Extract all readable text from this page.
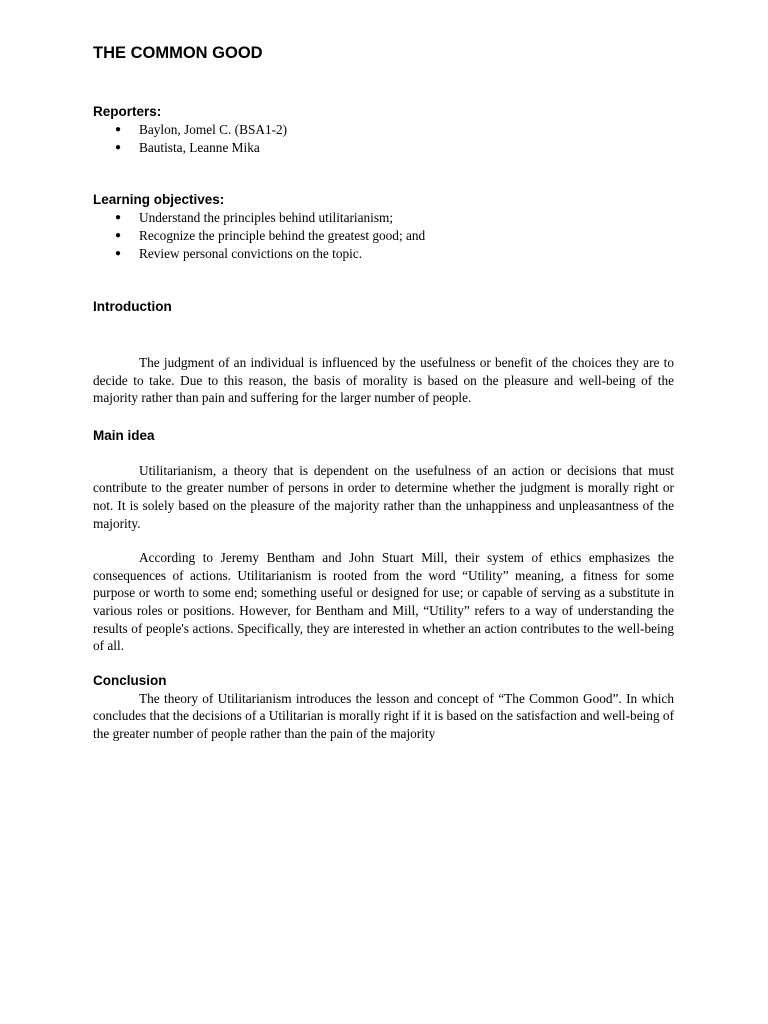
THE COMMON GOOD

Reporters:

● Baylon, Jomel C. (BSA1-2)
● Bautista, Leanne Mika

Learning objectives:

● Understand the principles behind utilitarianism;
● Recognize the principle behind the greatest good; and
● Review personal convictions on the topic.

Introduction

The judgment of an individual is influenced by the usefulness or benefit of the choices they are to decide to take. Due to this reason, the basis of morality is based on the pleasure and well-being of the majority rather than pain and suffering for the larger number of people.

Main idea

Utilitarianism, a theory that is dependent on the usefulness of an action or decisions that must contribute to the greater number of persons in order to determine whether the judgment is morally right or not. It is solely based on the pleasure of the majority rather than the unhappiness and unpleasantness of the majority.

According to Jeremy Bentham and John Stuart Mill, their system of ethics emphasizes the consequences of actions. Utilitarianism is rooted from the word “Utility” meaning, a fitness for some purpose or worth to some end; something useful or designed for use; or capable of serving as a substitute in various roles or positions. However, for Bentham and Mill, “Utility” refers to a way of understanding the results of people's actions. Specifically, they are interested in whether an action contributes to the well-being of all.

Conclusion

The theory of Utilitarianism introduces the lesson and concept of “The Common Good”. In which concludes that the decisions of a Utilitarian is morally right if it is based on the satisfaction and well-being of the greater number of people rather than the pain of the majority
